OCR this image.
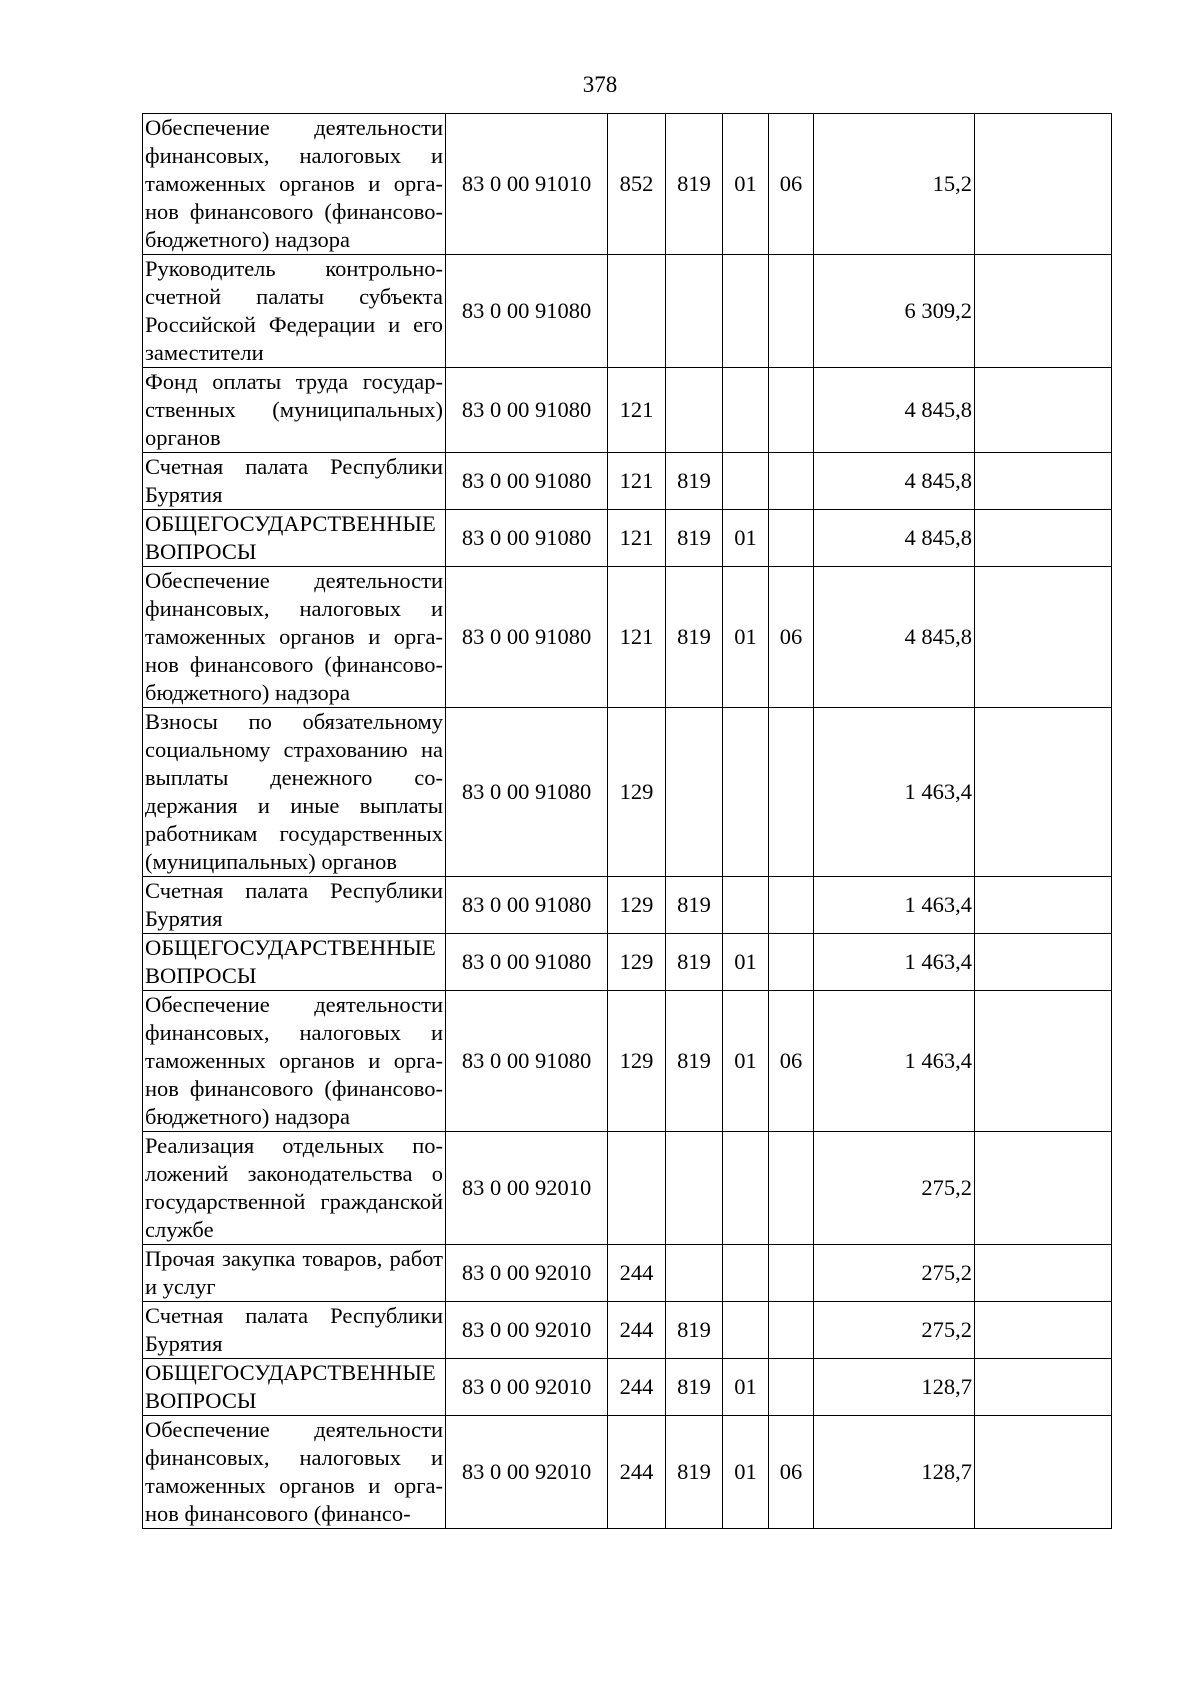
378
Обеспечение деятельности финансовых, налоговых и таможенных органов и органов финансового (финансово-бюджетного) надзора	83 0 00 91010	852	819	01	06	15,2	
Руководитель контрольно-счетной палаты субъекта Российской Федерации и его заместители	83 0 00 91080					6 309,2	
Фонд оплаты труда государственных (муниципальных) органов	83 0 00 91080	121				4 845,8	
Счетная палата Республики Бурятия	83 0 00 91080	121	819			4 845,8	
ОБЩЕГОСУДАРСТВЕННЫЕ ВОПРОСЫ	83 0 00 91080	121	819	01		4 845,8	
Обеспечение деятельности финансовых, налоговых и таможенных органов и органов финансового (финансово-бюджетного) надзора	83 0 00 91080	121	819	01	06	4 845,8	
Взносы по обязательному социальному страхованию на выплаты денежного содержания и иные выплаты работникам государственных (муниципальных) органов	83 0 00 91080	129				1 463,4	
Счетная палата Республики Бурятия	83 0 00 91080	129	819			1 463,4	
ОБЩЕГОСУДАРСТВЕННЫЕ ВОПРОСЫ	83 0 00 91080	129	819	01		1 463,4	
Обеспечение деятельности финансовых, налоговых и таможенных органов и органов финансового (финансово-бюджетного) надзора	83 0 00 91080	129	819	01	06	1 463,4	
Реализация отдельных положений законодательства о государственной гражданской службе	83 0 00 92010					275,2	
Прочая закупка товаров, работ и услуг	83 0 00 92010	244				275,2	
Счетная палата Республики Бурятия	83 0 00 92010	244	819			275,2	
ОБЩЕГОСУДАРСТВЕННЫЕ ВОПРОСЫ	83 0 00 92010	244	819	01		128,7	
Обеспечение деятельности финансовых, налоговых и таможенных органов и органов финансового (финансо-	83 0 00 92010	244	819	01	06	128,7	
